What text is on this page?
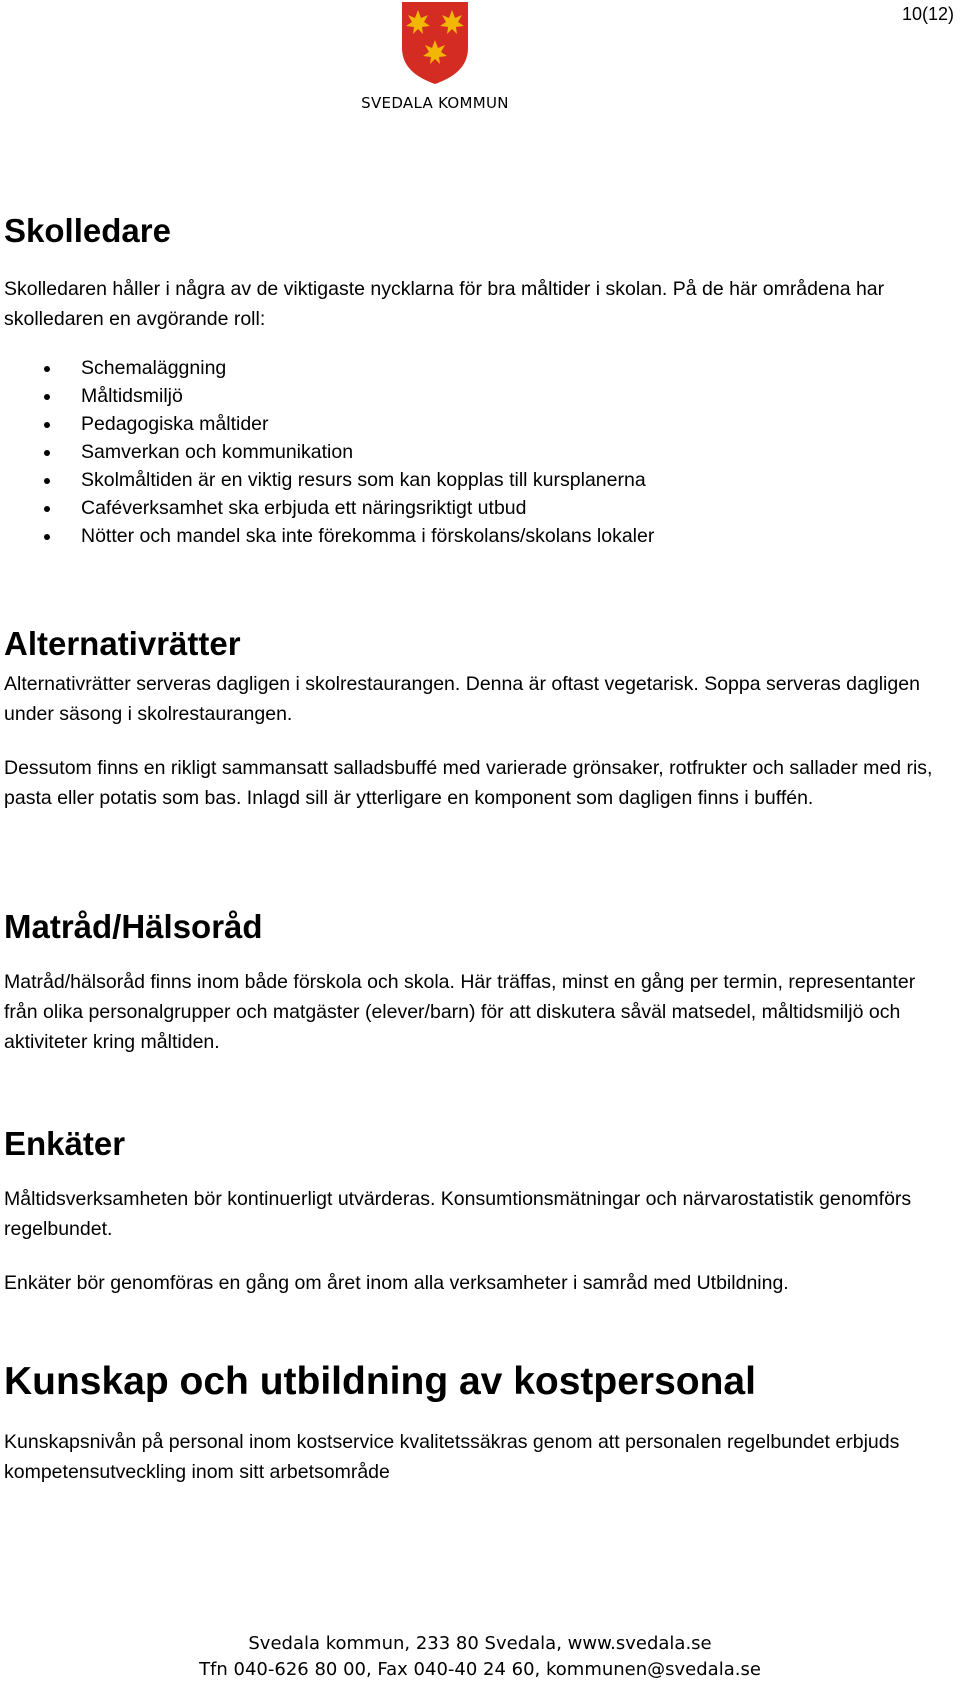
10(12)
SVEDALA KOMMUN
Skolledare

Skolledaren håller i några av de viktigaste nycklarna för bra måltider i skolan. På de här områdena har skolledaren en avgörande roll:

Schemaläggning
Måltidsmiljö
Pedagogiska måltider
Samverkan och kommunikation
Skolmåltiden är en viktig resurs som kan kopplas till kursplanerna
Caféverksamhet ska erbjuda ett näringsriktigt utbud
Nötter och mandel ska inte förekomma i förskolans/skolans lokaler
Alternativrätter

Alternativrätter serveras dagligen i skolrestaurangen. Denna är oftast vegetarisk. Soppa serveras dagligen under säsong i skolrestaurangen.

Dessutom finns en rikligt sammansatt salladsbuffé med varierade grönsaker, rotfrukter och sallader med ris, pasta eller potatis som bas. Inlagd sill är ytterligare en komponent som dagligen finns i buffén.

Matråd/Hälsoråd

Matråd/hälsoråd finns inom både förskola och skola. Här träffas, minst en gång per termin, representanter från olika personalgrupper och matgäster (elever/barn) för att diskutera såväl matsedel, måltidsmiljö och aktiviteter kring måltiden.

Enkäter

Måltidsverksamheten bör kontinuerligt utvärderas. Konsumtionsmätningar och närvarostatistik genomförs regelbundet.

Enkäter bör genomföras en gång om året inom alla verksamheter i samråd med Utbildning.

Kunskap och utbildning av kostpersonal

Kunskapsnivån på personal inom kostservice kvalitetssäkras genom att personalen regelbundet erbjuds kompetensutveckling inom sitt arbetsområde

Svedala kommun, 233 80 Svedala, www.svedala.se
Tfn 040-626 80 00, Fax 040-40 24 60, kommunen@svedala.se
